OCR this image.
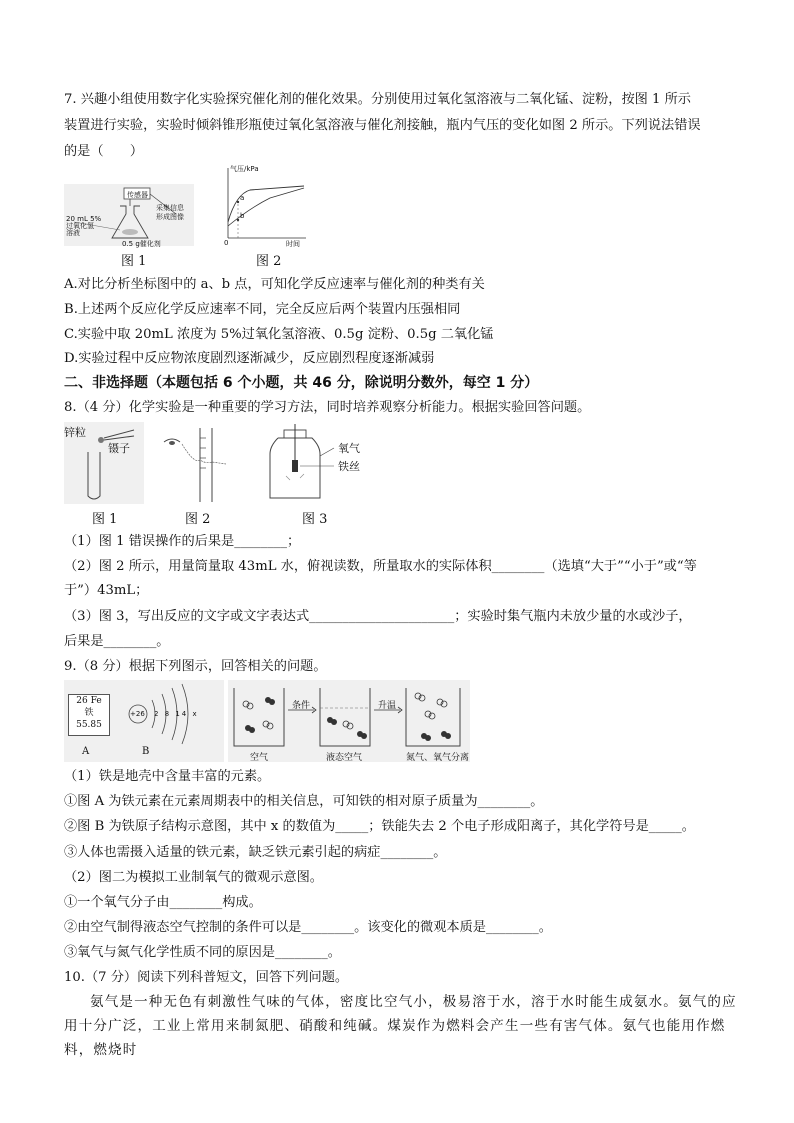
7. 兴趣小组使用数字化实验探究催化剂的催化效果。分别使用过氧化氢溶液与二氧化锰、淀粉，按图 1 所示
装置进行实验，实验时倾斜锥形瓶使过氧化氢溶液与催化剂接触，瓶内气压的变化如图 2 所示。下列说法错误
的是（　　）
传感器
20 mL 5%
过氧化氢
溶液
0.5 g催化剂
采集信息
形成图像
图 1
气压/kPa
时间
0
a
b
图 2
A.对比分析坐标图中的 a、b 点，可知化学反应速率与催化剂的种类有关
B.上述两个反应化学反应速率不同，完全反应后两个装置内压强相同
C.实验中取 20mL 浓度为 5%过氧化氢溶液、0.5g 淀粉、0.5g 二氧化锰
D.实验过程中反应物浓度剧烈逐渐减少，反应剧烈程度逐渐减弱
二、非选择题（本题包括 6 个小题，共 46 分，除说明分数外，每空 1 分）
8.（4 分）化学实验是一种重要的学习方法，同时培养观察分析能力。根据实验回答问题。
锌粒
镊子
图 1	图 2
氧气
铁丝
图 3
（1）图 1 错误操作的后果是________；
（2）图 2 所示，用量筒量取 43mL 水，俯视读数，所量取水的实际体积________（选填“大于”“小于”或“等
于”）43mL；
（3）图 3，写出反应的文字或文字表达式______________________；实验时集气瓶内未放少量的水或沙子，
后果是________。
9.（8 分）根据下列图示，回答相关的问题。
26 Fe
铁
55.85
A
+26 2 8 14 x
B
条件	升温
空气	液态空气	氮气、氧气分离
（1）铁是地壳中含量丰富的元素。
①图 A 为铁元素在元素周期表中的相关信息，可知铁的相对原子质量为________。
②图 B 为铁原子结构示意图，其中 x 的数值为_____；铁能失去 2 个电子形成阳离子，其化学符号是_____。
③人体也需摄入适量的铁元素，缺乏铁元素引起的病症________。
（2）图二为模拟工业制氧气的微观示意图。
①一个氧气分子由________构成。
②由空气制得液态空气控制的条件可以是________。该变化的微观本质是________。
③氧气与氮气化学性质不同的原因是________。
10.（7 分）阅读下列科普短文，回答下列问题。
氨气是一种无色有刺激性气味的气体，密度比空气小，极易溶于水，溶于水时能生成氨水。氨气的应用十分广泛，工业上常用来制氮肥、硝酸和纯碱。煤炭作为燃料会产生一些有害气体。氨气也能用作燃料，燃烧时
